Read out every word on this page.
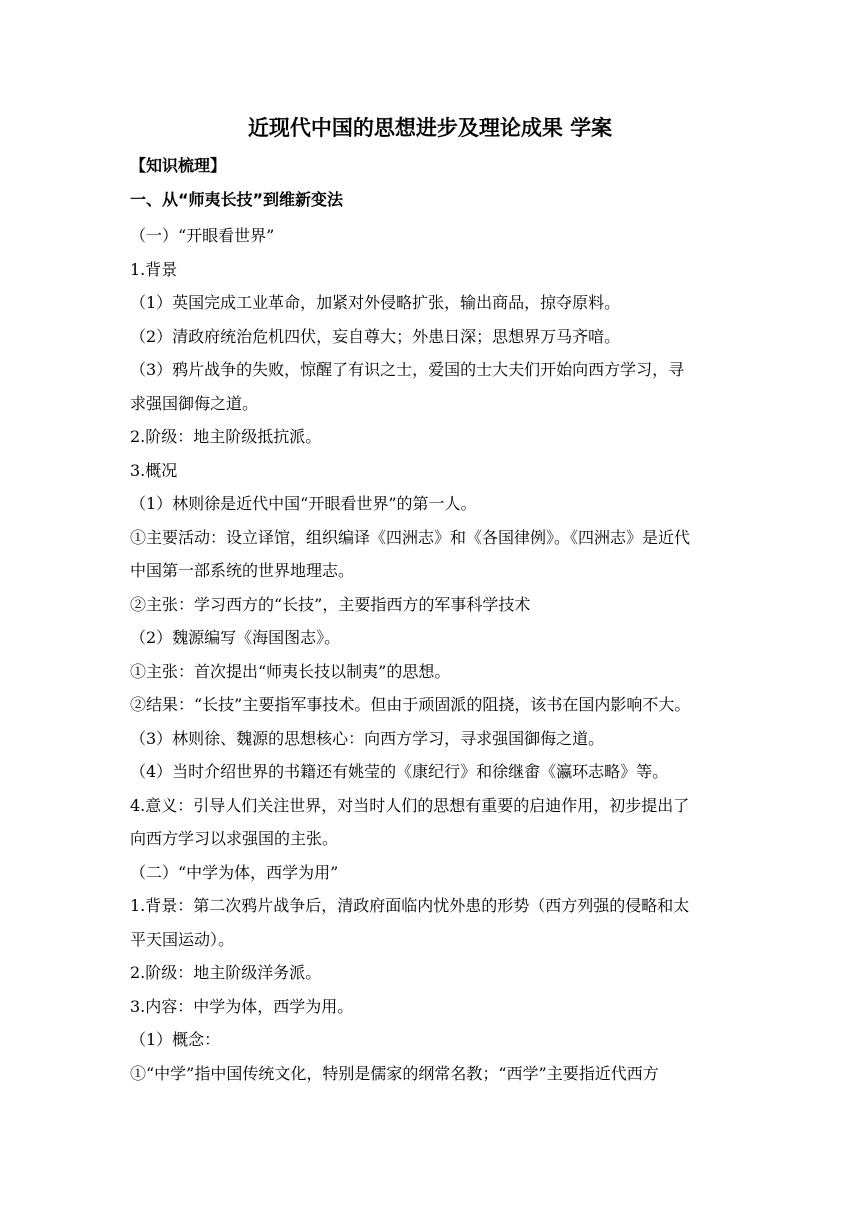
近现代中国的思想进步及理论成果 学案
【知识梳理】
一、从“师夷长技”到维新变法
（一）“开眼看世界”
1.背景
（1）英国完成工业革命，加紧对外侵略扩张，输出商品，掠夺原料。
（2）清政府统治危机四伏，妄自尊大；外患日深；思想界万马齐喑。
（3）鸦片战争的失败，惊醒了有识之士，爱国的士大夫们开始向西方学习，寻
求强国御侮之道。
2.阶级：地主阶级抵抗派。
3.概况
（1）林则徐是近代中国“开眼看世界”的第一人。
①主要活动：设立译馆，组织编译《四洲志》和《各国律例》。《四洲志》是近代
中国第一部系统的世界地理志。
②主张：学习西方的“长技”，主要指西方的军事科学技术
（2）魏源编写《海国图志》。
①主张：首次提出“师夷长技以制夷”的思想。
②结果：“长技”主要指军事技术。但由于顽固派的阻挠，该书在国内影响不大。
（3）林则徐、魏源的思想核心：向西方学习，寻求强国御侮之道。
（4）当时介绍世界的书籍还有姚莹的《康纪行》和徐继畬《瀛环志略》等。
4.意义：引导人们关注世界，对当时人们的思想有重要的启迪作用，初步提出了
向西方学习以求强国的主张。
（二）“中学为体，西学为用”
1.背景：第二次鸦片战争后，清政府面临内忧外患的形势（西方列强的侵略和太
平天国运动）。
2.阶级：地主阶级洋务派。
3.内容：中学为体，西学为用。
（1）概念：
①“中学”指中国传统文化，特别是儒家的纲常名教；“西学”主要指近代西方
